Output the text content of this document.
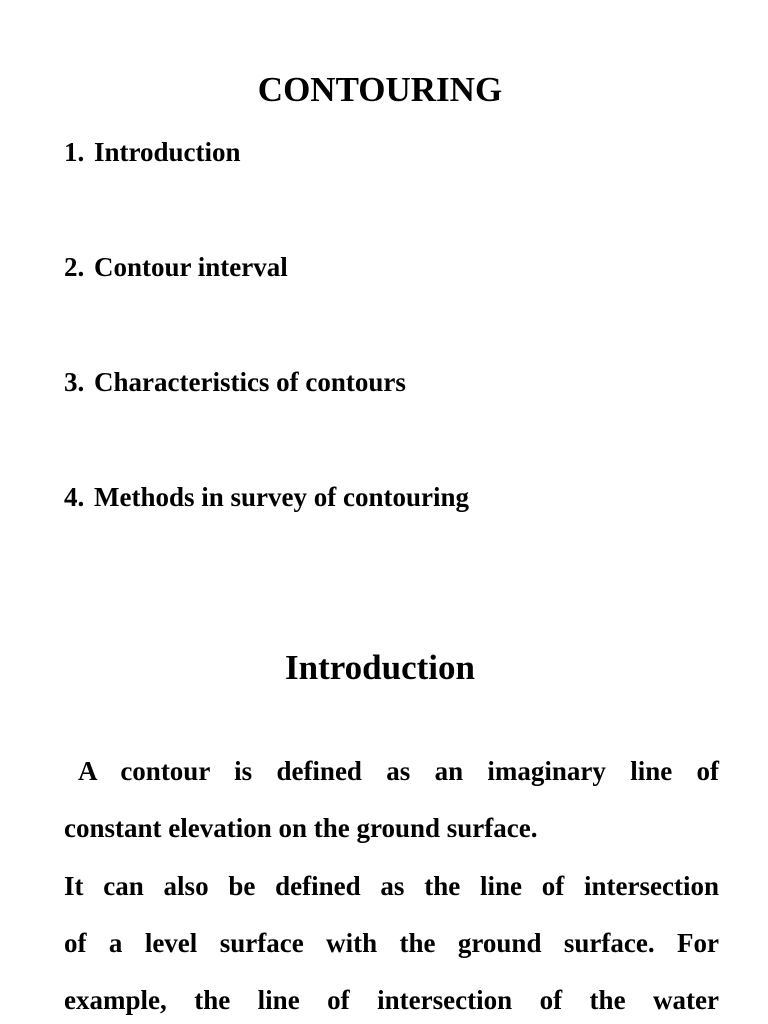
CONTOURING
1. Introduction
2. Contour interval
3. Characteristics of contours
4. Methods in survey of contouring
Introduction
A contour is defined as an imaginary line of
constant elevation on the ground surface.
It can also be defined as the line of intersection
of a level surface with the ground surface. For
example, the line of intersection of the water
